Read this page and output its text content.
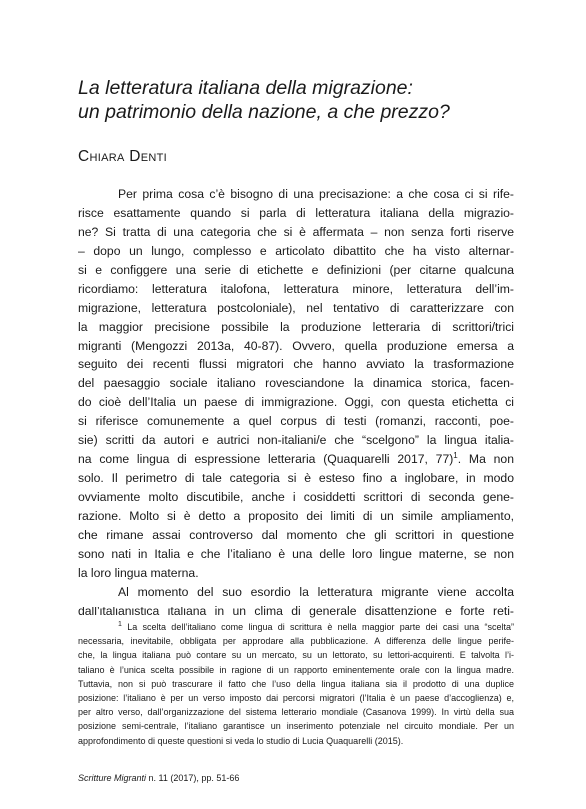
La letteratura italiana della migrazione:
un patrimonio della nazione, a che prezzo?
Chiara Denti
Per prima cosa c’è bisogno di una precisazione: a che cosa ci si rife-
risce esattamente quando si parla di letteratura italiana della migrazio-
ne? Si tratta di una categoria che si è affermata – non senza forti riserve
– dopo un lungo, complesso e articolato dibattito che ha visto alternar-
si e configgere una serie di etichette e definizioni (per citarne qualcuna
ricordiamo: letteratura italofona, letteratura minore, letteratura dell’im-
migrazione, letteratura postcoloniale), nel tentativo di caratterizzare con
la maggior precisione possibile la produzione letteraria di scrittori/trici
migranti (Mengozzi 2013a, 40-87). Ovvero, quella produzione emersa a
seguito dei recenti flussi migratori che hanno avviato la trasformazione
del paesaggio sociale italiano rovesciandone la dinamica storica, facen-
do cioè dell’Italia un paese di immigrazione. Oggi, con questa etichetta ci
si riferisce comunemente a quel corpus di testi (romanzi, racconti, poe-
sie) scritti da autori e autrici non-italiani/e che “scelgono” la lingua italia-
na come lingua di espressione letteraria (Quaquarelli 2017, 77)$^1$. Ma non
solo. Il perimetro di tale categoria si è esteso fino a inglobare, in modo
ovviamente molto discutibile, anche i cosiddetti scrittori di seconda gene-
razione. Molto si è detto a proposito dei limiti di un simile ampliamento,
che rimane assai controverso dal momento che gli scrittori in questione
sono nati in Italia e che l’italiano è una delle loro lingue materne, se non
la loro lingua materna.
Al momento del suo esordio la letteratura migrante viene accolta
dall’italianistica italiana in un clima di generale disattenzione e forte reti-
$^1$ La scelta dell’italiano come lingua di scrittura è nella maggior parte dei casi una “scelta”
necessaria, inevitabile, obbligata per approdare alla pubblicazione. A differenza delle lingue perife-
che, la lingua italiana può contare su un mercato, su un lettorato, su lettori-acquirenti. E talvolta l’i-
taliano è l’unica scelta possibile in ragione di un rapporto eminentemente orale con la lingua madre.
Tuttavia, non si può trascurare il fatto che l’uso della lingua italiana sia il prodotto di una duplice
posizione: l’italiano è per un verso imposto dai percorsi migratori (l’Italia è un paese d’accoglienza) e,
per altro verso, dall’organizzazione del sistema letterario mondiale (Casanova 1999). In virtù della sua
posizione semi-centrale, l’italiano garantisce un inserimento potenziale nel circuito mondiale. Per un
approfondimento di queste questioni si veda lo studio di Lucia Quaquarelli (2015).
Scritture Migranti n. 11 (2017), pp. 51-66
